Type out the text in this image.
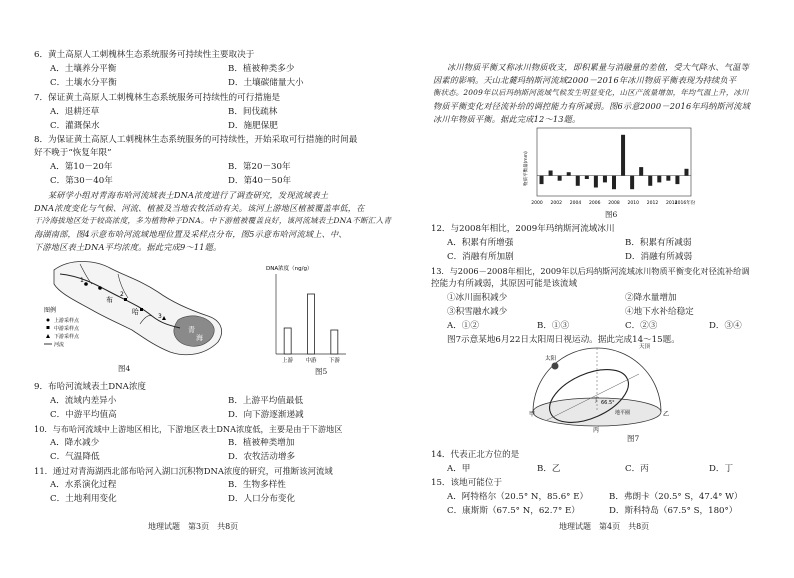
6．黄土高原人工刺槐林生态系统服务可持续性主要取决于
A．土壤养分平衡	B．植被种类多少
C．土壤水分平衡	D．土壤碳储量大小
7．保证黄土高原人工刺槐林生态系统服务可持续性的可行措施是
A．退耕还草	B．间伐疏林
C．灌溉保水	D．施肥保肥
8．为保证黄土高原人工刺槐林生态系统服务的可持续性，开始采取可行措施的时间最
好不晚于“恢复年限”
A．第10－20年	B．第20－30年
C．第30－40年	D．第40－50年
某研学小组对青海布哈河流域表土DNA浓度进行了调查研究，发现流域表土
DNA浓度变化与气候、河流、植被及当地农牧活动有关。该河上游地区植被覆盖率低，在
干冷海拔地区处于较高浓度，多为植物种子DNA。中下游植被覆盖良好，该河流域表土DNA不断汇入青
海湖南部，图4示意布哈河流域地理位置及采样点分布，图5示意布哈河流域上、中、
下游地区表土DNA平均浓度。据此完成9～11题。
布
哈
1
2
3
青
海
图例
上游采样点
中游采样点
下游采样点
河流
图4
DNA浓度（ng/g）
上游 中游 下游
图5
9．布哈河流域表土DNA浓度
A．流域内差异小	B．上游平均值最低
C．中游平均值高	D．向下游逐渐递减
10．与布哈河流域中上游地区相比，下游地区表土DNA浓度低，主要是由于下游地区
A．降水减少	B．植被种类增加
C．气温降低	D．农牧活动增多
11．通过对青海湖西北部布哈河入湖口沉积物DNA浓度的研究，可推断该河流域
A．水系演化过程	B．生物多样性
C．土地利用变化	D．人口分布变化
地理试题　第3页　共8页
冰川物质平衡又称冰川物质收支，即积累量与消融量的差值，受大气降水、气温等
因素的影响。天山北麓玛纳斯河流域2000－2016年冰川物质平衡表现为持续负平
衡状态。2009年以后玛纳斯河流域气候发生明显变化，山区产流量增加，年均气温上升，冰川
物质平衡变化对径流补给的调控能力有所减弱。图6示意2000－2016年玛纳斯河流域
冰川年物质平衡。据此完成12～13题。
物质平衡量(mm)
2000 2002 2004 2006 2008 2010 2012 2014
2016年份
图6
12．与2008年相比，2009年玛纳斯河流域冰川
A．积累有所增强	B．积累有所减弱
C．消融有所加剧	D．消融有所减弱
13．与2006－2008年相比，2009年以后玛纳斯河流域冰川物质平衡变化对径流补给调
控能力有所减弱，其原因可能是该流域
①冰川面积减少	②降水量增加
③积雪融水减少	④地下水补给稳定
A．①②	B．①③	C．②③	D．③④
图7示意某地6月22日太阳周日视运动。据此完成14～15题。
太阳
天顶
66.5°
地平圈
甲	乙
丙
丁
图7
14．代表正北方位的是
A．甲	B．乙	C．丙	D．丁
15．该地可能位于
A．阿特格尔（20.5° N，85.6° E） B．弗朗卡（20.5° S，47.4° W）
C．康斯斯（67.5° N，62.7° E）	D．斯科特岛（67.5° S，180°）
地理试题　第4页　共8页
